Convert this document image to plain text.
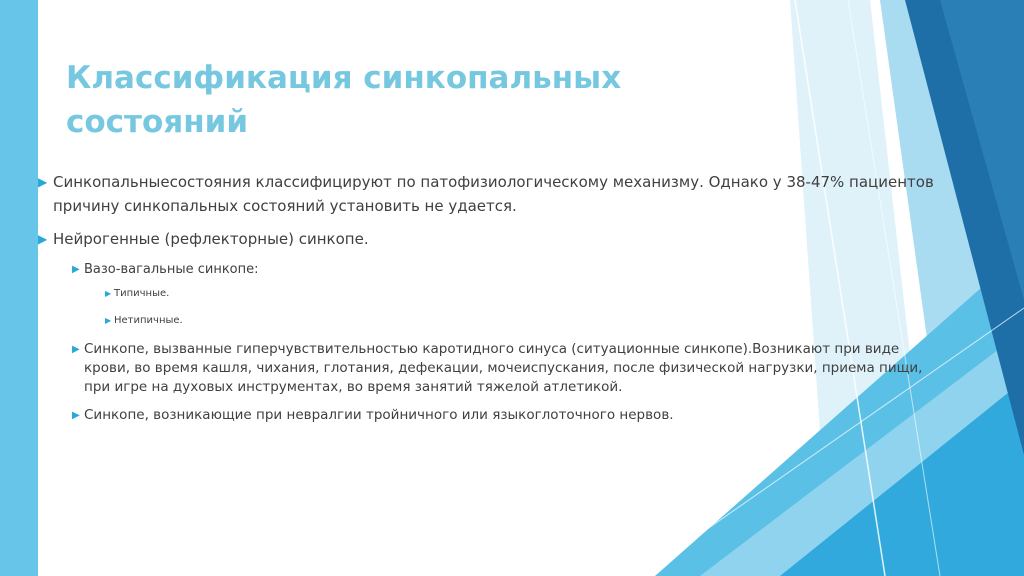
Классификация синкопальных состояний
▶ Синкопальныесостояния классифицируют по патофизиологическому механизму. Однако у 38-47% пациентов причину синкопальных состояний установить не удается.
▶ Нейрогенные (рефлекторные) синкопе.
▶ Вазо-вагальные синкопе:
▶ Типичные.
▶ Нетипичные.
▶ Синкопе, вызванные гиперчувствительностью каротидного синуса (ситуационные синкопе).Возникают при виде крови, во время кашля, чихания, глотания, дефекации, мочеиспускания, после физической нагрузки, приема пищи, при игре на духовых инструментах, во время занятий тяжелой атлетикой.
▶ Синкопе, возникающие при невралгии тройничного или языкоглоточного нервов.
